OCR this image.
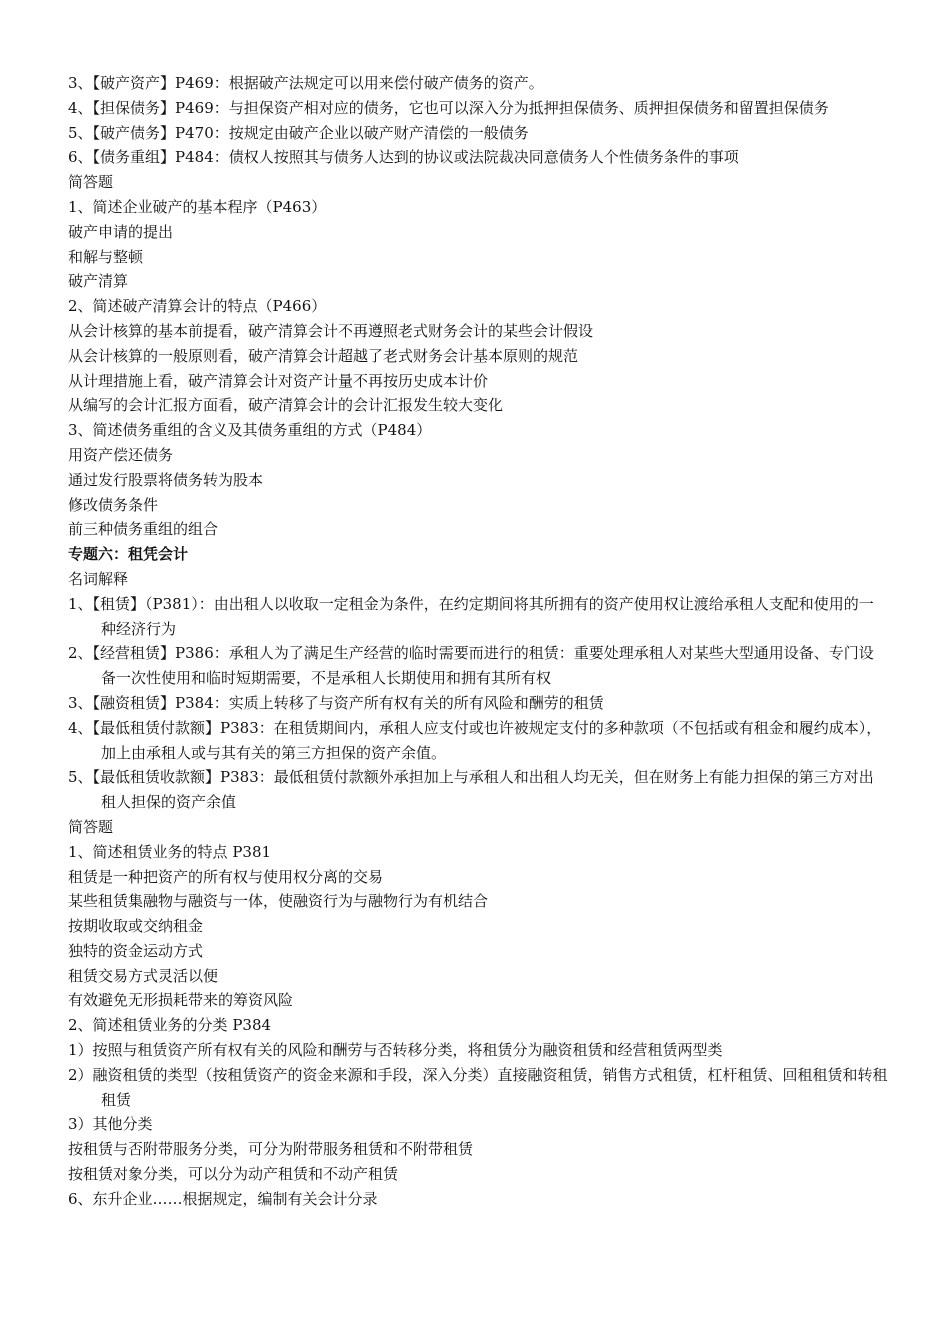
3、【破产资产】P469：根据破产法规定可以用来偿付破产债务的资产。
4、【担保债务】P469：与担保资产相对应的债务，它也可以深入分为抵押担保债务、质押担保债务和留置担保债务
5、【破产债务】P470：按规定由破产企业以破产财产清偿的一般债务
6、【债务重组】P484：债权人按照其与债务人达到的协议或法院裁决同意债务人个性债务条件的事项
简答题
1、简述企业破产的基本程序（P463）
破产申请的提出
和解与整顿
破产清算
2、简述破产清算会计的特点（P466）
从会计核算的基本前提看，破产清算会计不再遵照老式财务会计的某些会计假设
从会计核算的一般原则看，破产清算会计超越了老式财务会计基本原则的规范
从计理措施上看，破产清算会计对资产计量不再按历史成本计价
从编写的会计汇报方面看，破产清算会计的会计汇报发生较大变化
3、简述债务重组的含义及其债务重组的方式（P484）
用资产偿还债务
通过发行股票将债务转为股本
修改债务条件
前三种债务重组的组合
专题六：租凭会计
名词解释
1、【租赁】（P381）：由出租人以收取一定租金为条件，在约定期间将其所拥有的资产使用权让渡给承租人支配和使用的一种经济行为
2、【经营租赁】P386：承租人为了满足生产经营的临时需要而进行的租赁：重要处理承租人对某些大型通用设备、专门设备一次性使用和临时短期需要，不是承租人长期使用和拥有其所有权
3、【融资租赁】P384：实质上转移了与资产所有权有关的所有风险和酬劳的租赁
4、【最低租赁付款额】P383：在租赁期间内，承租人应支付或也许被规定支付的多种款项（不包括或有租金和履约成本），加上由承租人或与其有关的第三方担保的资产余值。
5、【最低租赁收款额】P383：最低租赁付款额外承担加上与承租人和出租人均无关，但在财务上有能力担保的第三方对出租人担保的资产余值
简答题
1、简述租赁业务的特点 P381
租赁是一种把资产的所有权与使用权分离的交易
某些租赁集融物与融资与一体，使融资行为与融物行为有机结合
按期收取或交纳租金
独特的资金运动方式
租赁交易方式灵活以便
有效避免无形损耗带来的筹资风险
2、简述租赁业务的分类 P384
1）按照与租赁资产所有权有关的风险和酬劳与否转移分类，将租赁分为融资租赁和经营租赁两型类
2）融资租赁的类型（按租赁资产的资金来源和手段，深入分类）直接融资租赁，销售方式租赁，杠杆租赁、回租租赁和转租租赁
3）其他分类
按租赁与否附带服务分类，可分为附带服务租赁和不附带租赁
按租赁对象分类，可以分为动产租赁和不动产租赁
6、东升企业……根据规定，编制有关会计分录
